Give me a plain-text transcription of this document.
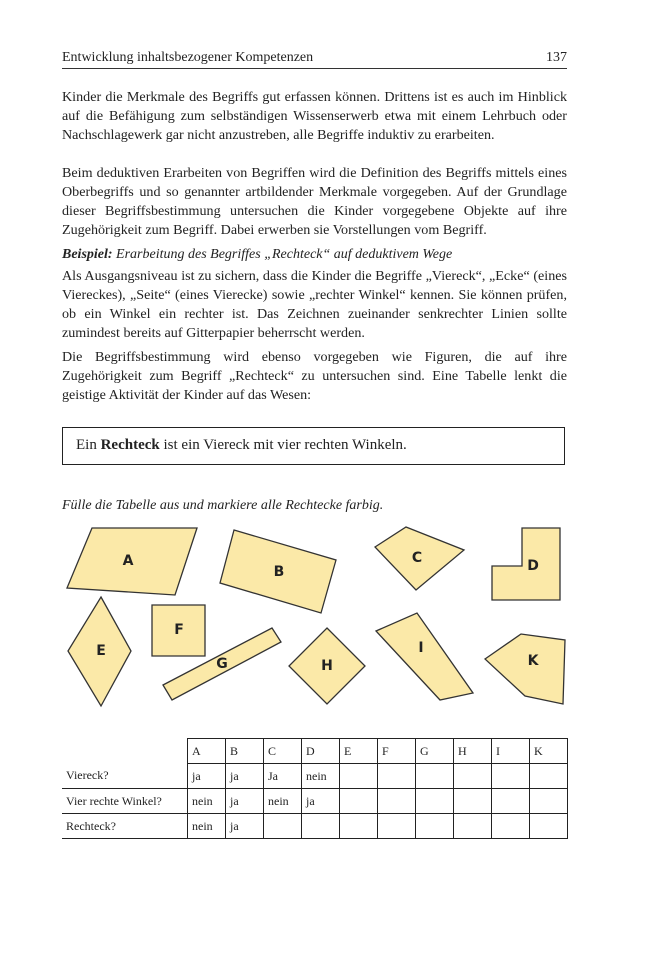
Entwicklung inhaltsbezogener Kompetenzen	137

Kinder die Merkmale des Begriffs gut erfassen können. Drittens ist es auch im Hinblick auf die Befähigung zum selbständigen Wissenserwerb etwa mit einem Lehrbuch oder Nachschlagewerk gar nicht anzustreben, alle Begriffe induktiv zu erarbeiten.

Beim deduktiven Erarbeiten von Begriffen wird die Definition des Begriffs mittels eines Oberbegriffs und so genannter artbildender Merkmale vorgegeben. Auf der Grundlage dieser Begriffsbestimmung untersuchen die Kinder vorgegebene Objekte auf ihre Zugehörigkeit zum Begriff. Dabei erwerben sie Vorstellungen vom Begriff.

Beispiel: Erarbeitung des Begriffes „Rechteck“ auf deduktivem Wege

Als Ausgangsniveau ist zu sichern, dass die Kinder die Begriffe „Viereck“, „Ecke“ (eines Viereckes), „Seite“ (eines Vierecke) sowie „rechter Winkel“ kennen. Sie können prüfen, ob ein Winkel ein rechter ist. Das Zeichnen zueinander senkrechter Linien sollte zumindest bereits auf Gitterpapier beherrscht werden.

Die Begriffsbestimmung wird ebenso vorgegeben wie Figuren, die auf ihre Zugehörigkeit zum Begriff „Rechteck“ zu untersuchen sind. Eine Tabelle lenkt die geistige Aktivität der Kinder auf das Wesen:

Ein Rechteck ist ein Viereck mit vier rechten Winkeln.
Fülle die Tabelle aus und markiere alle Rechtecke farbig.
A
B
C	D
E
F
G	H
I
K
	A	B	C	D	E	F	G	H	I	K
Viereck?	ja	ja	Ja	nein						
Vier rechte Winkel?	nein	ja	nein	ja						
Rechteck?	nein	ja								
